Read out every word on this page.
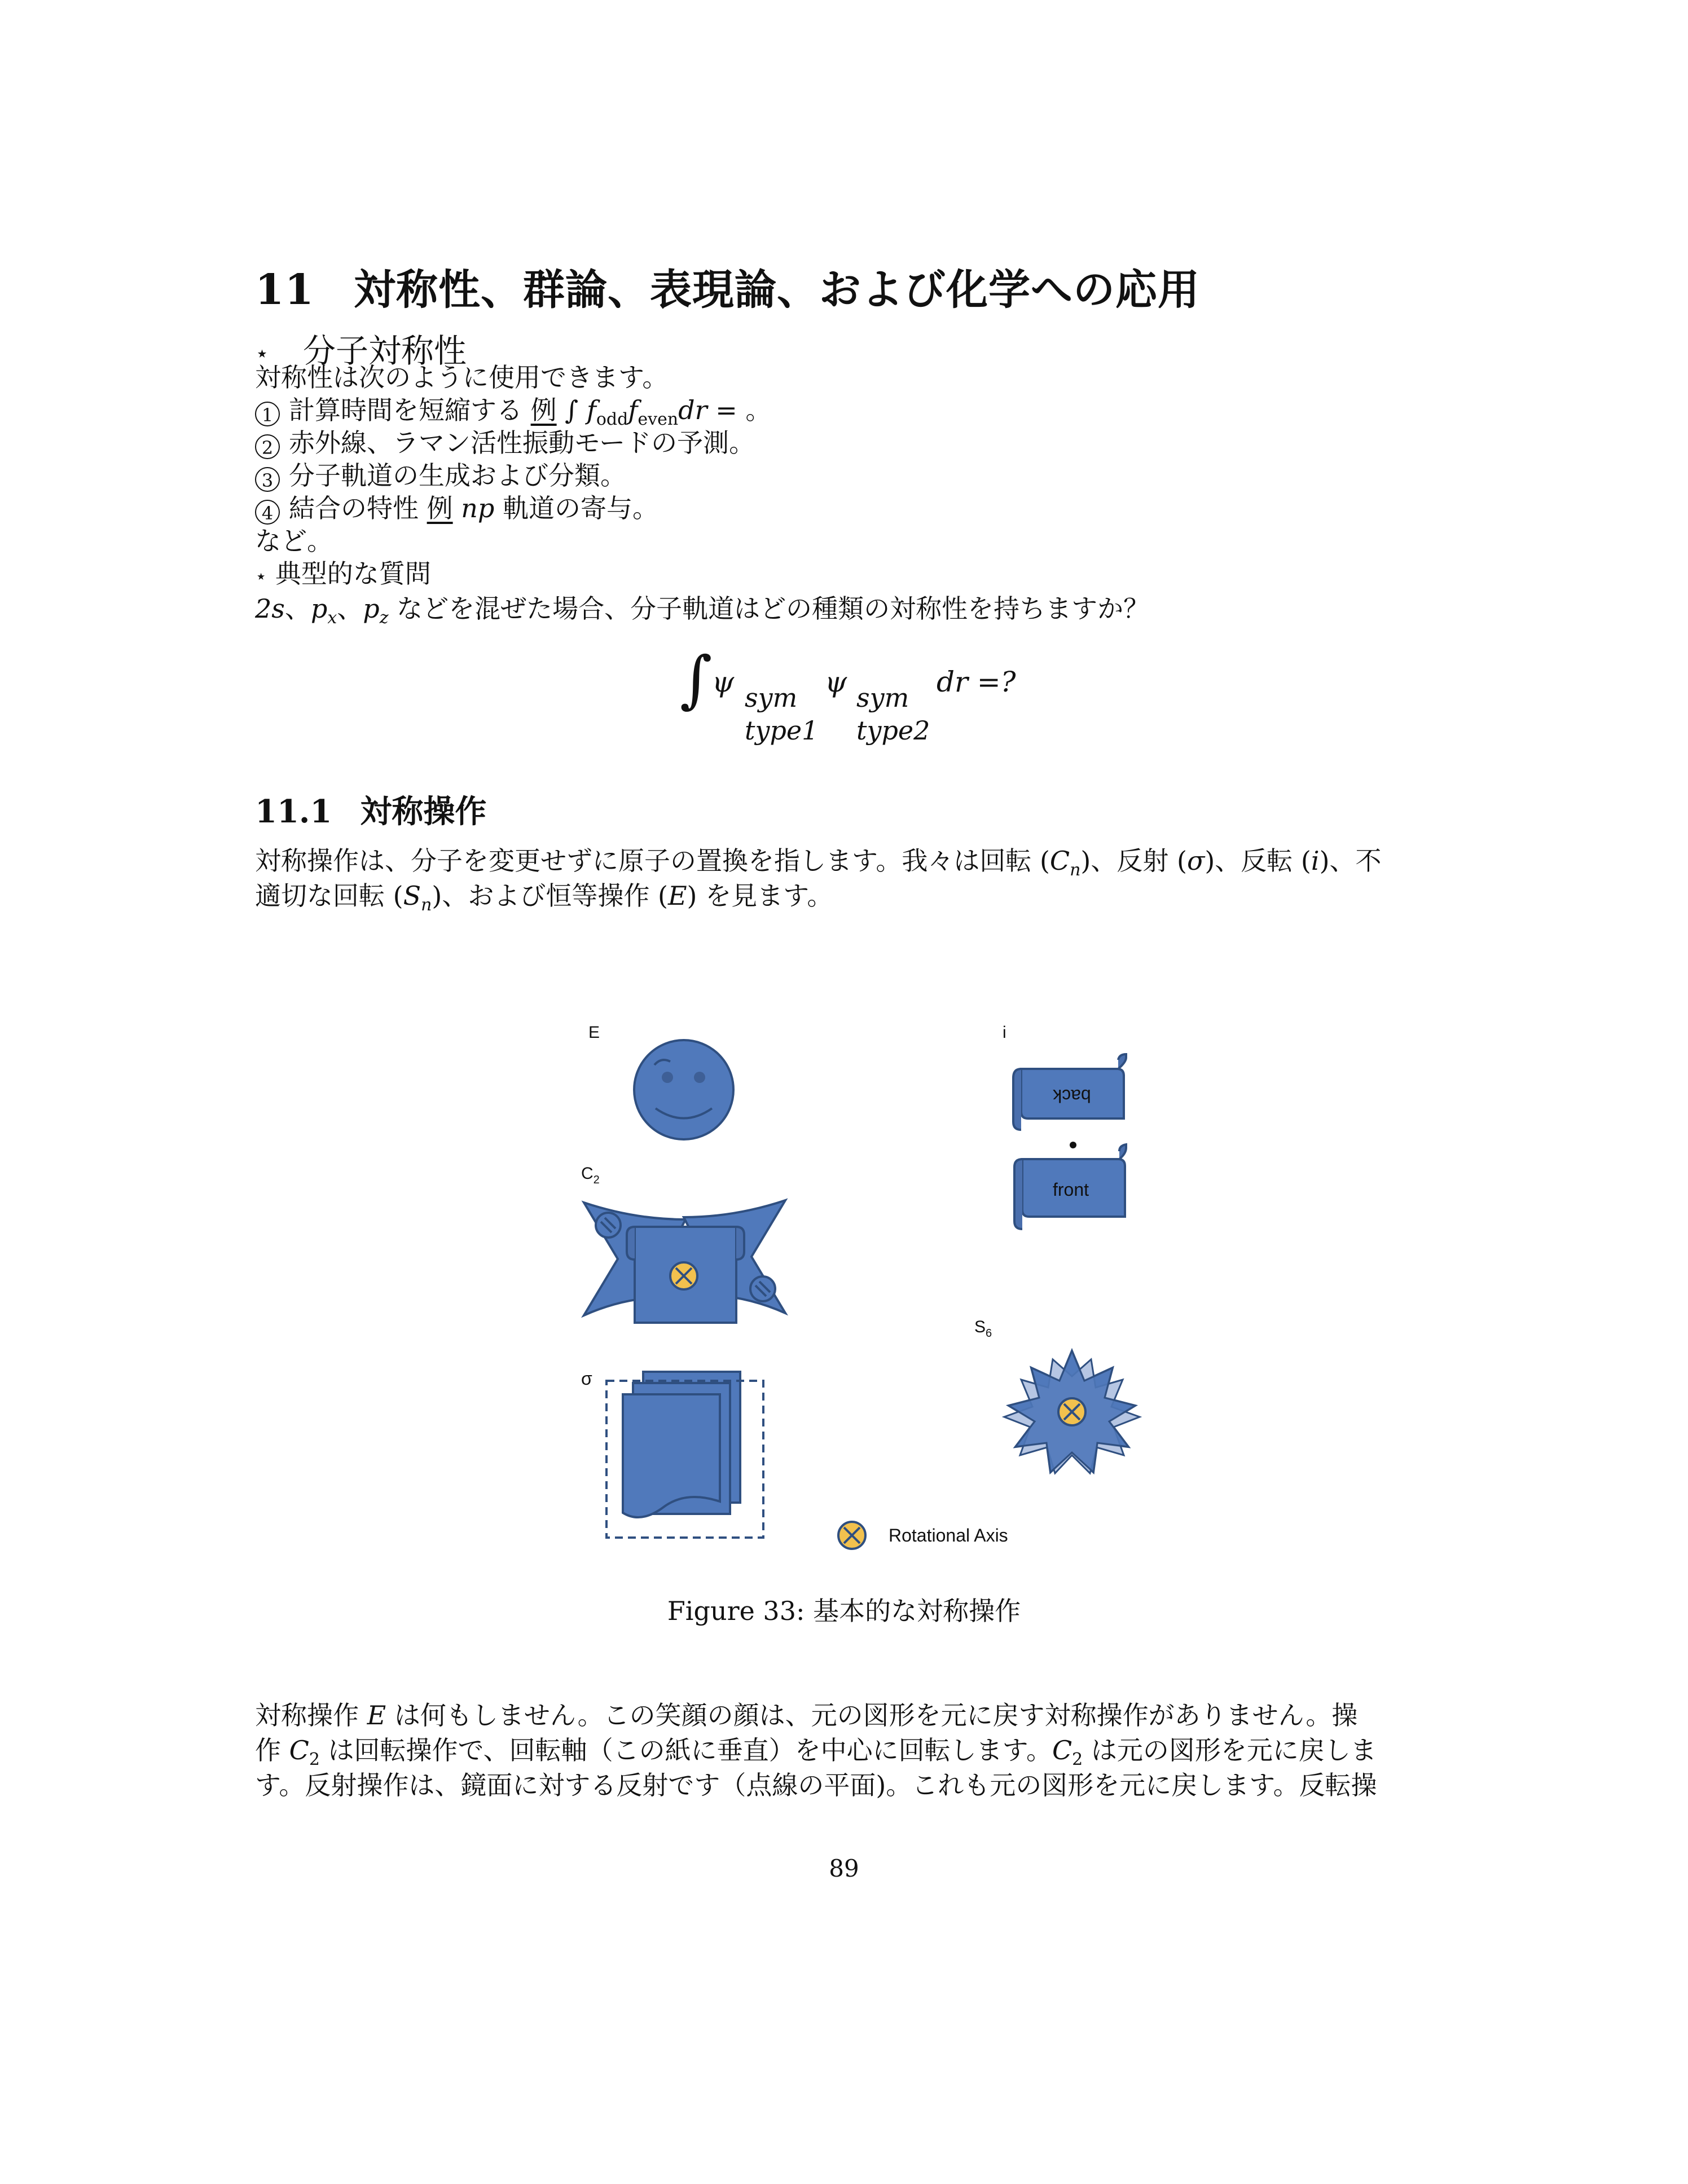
11 対称性、群論、表現論、および化学への応用
⋆ 分子対称性
対称性は次のように使用できます。
1 計算時間を短縮する 例 ∫ $f_{odd}f_{even}dr$ = 。
2 赤外線、ラマン活性振動モードの予測。
3 分子軌道の生成および分類。
4 結合の特性 例 np 軌道の寄与。
など。
⋆ 典型的な質問
2s、$p_x$、$p_z$ などを混ぜた場合、分子軌道はどの種類の対称性を持ちますか？
∫ ψ sym
type1
ψ sym
type2
dr =?
11.1 対称操作
対称操作は、分子を変更せずに原子の置換を指します。我々は回転 $(C_n)$、反射 (σ)、反転 (i)、不
適切な回転 $(S_n)$、および恒等操作 (E) を見ます。
E	i
$C_2$
$S_6$
σ
back
front
Rotational Axis
Figure 33: 基本的な対称操作
対称操作 E は何もしません。この笑顔の顔は、元の図形を元に戻す対称操作がありません。操
作 $C_2$ は回転操作で、回転軸（この紙に垂直）を中心に回転します。$C_2$ は元の図形を元に戻しま
す。反射操作は、鏡面に対する反射です（点線の平面)。これも元の図形を元に戻します。反転操
89
